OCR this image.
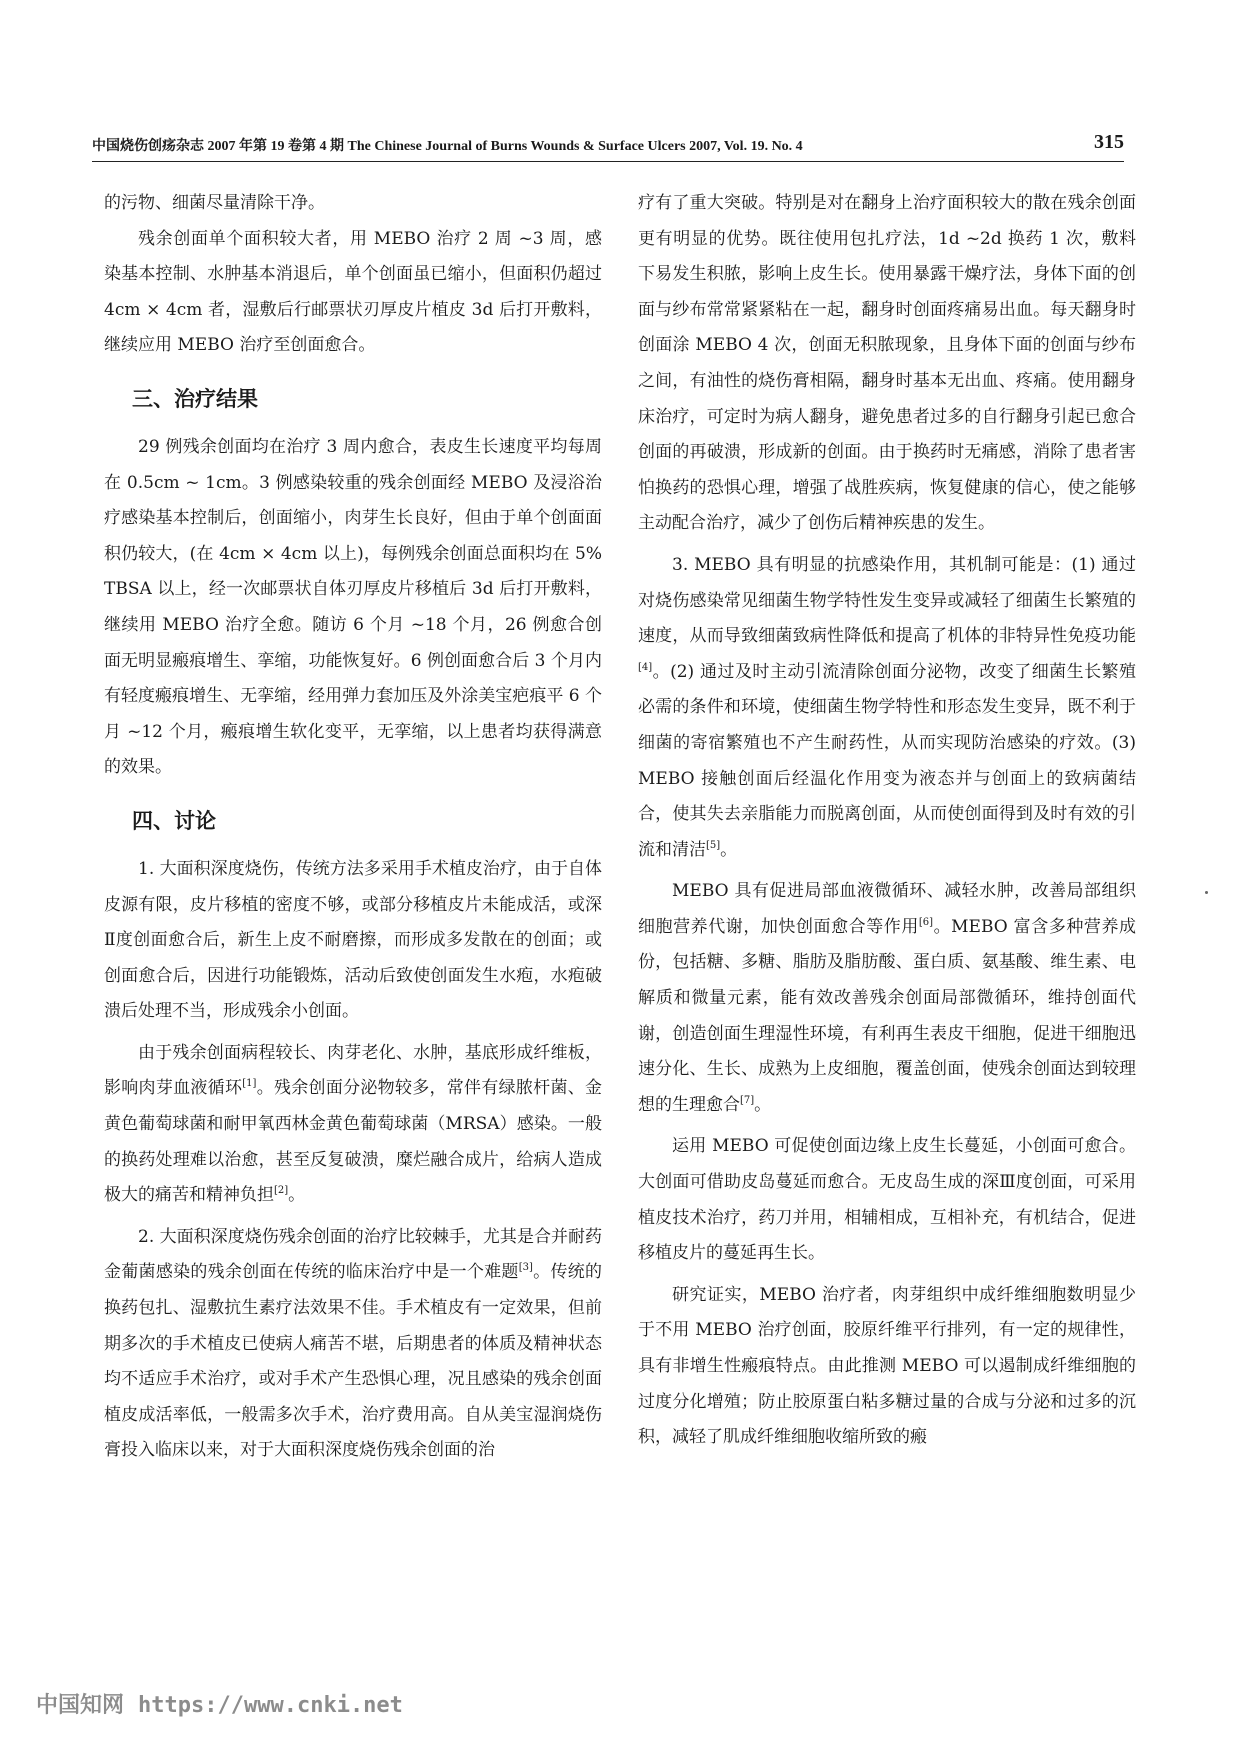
中国烧伤创疡杂志 2007 年第 19 卷第 4 期 The Chinese Journal of Burns Wounds & Surface Ulcers 2007, Vol. 19. No. 4	315

的污物、细菌尽量清除干净。

残余创面单个面积较大者，用 MEBO 治疗 2 周 ~3 周，感染基本控制、水肿基本消退后，单个创面虽已缩小，但面积仍超过 4cm × 4cm 者，湿敷后行邮票状刃厚皮片植皮 3d 后打开敷料，继续应用 MEBO 治疗至创面愈合。

三、治疗结果

29 例残余创面均在治疗 3 周内愈合，表皮生长速度平均每周在 0.5cm ~ 1cm。3 例感染较重的残余创面经 MEBO 及浸浴治疗感染基本控制后，创面缩小，肉芽生长良好，但由于单个创面面积仍较大，(在 4cm × 4cm 以上)，每例残余创面总面积均在 5% TBSA 以上，经一次邮票状自体刃厚皮片移植后 3d 后打开敷料，继续用 MEBO 治疗全愈。随访 6 个月 ~18 个月，26 例愈合创面无明显瘢痕增生、挛缩，功能恢复好。6 例创面愈合后 3 个月内有轻度瘢痕增生、无挛缩，经用弹力套加压及外涂美宝疤痕平 6 个月 ~12 个月，瘢痕增生软化变平，无挛缩，以上患者均获得满意的效果。

四、讨论

1. 大面积深度烧伤，传统方法多采用手术植皮治疗，由于自体皮源有限，皮片移植的密度不够，或部分移植皮片未能成活，或深Ⅱ度创面愈合后，新生上皮不耐磨擦，而形成多发散在的创面；或创面愈合后，因进行功能锻炼，活动后致使创面发生水疱，水疱破溃后处理不当，形成残余小创面。

由于残余创面病程较长、肉芽老化、水肿，基底形成纤维板，影响肉芽血液循环[1]。残余创面分泌物较多，常伴有绿脓杆菌、金黄色葡萄球菌和耐甲氧西林金黄色葡萄球菌（MRSA）感染。一般的换药处理难以治愈，甚至反复破溃，糜烂融合成片，给病人造成极大的痛苦和精神负担[2]。

2. 大面积深度烧伤残余创面的治疗比较棘手，尤其是合并耐药金葡菌感染的残余创面在传统的临床治疗中是一个难题[3]。传统的换药包扎、湿敷抗生素疗法效果不佳。手术植皮有一定效果，但前期多次的手术植皮已使病人痛苦不堪，后期患者的体质及精神状态均不适应手术治疗，或对手术产生恐惧心理，况且感染的残余创面植皮成活率低，一般需多次手术，治疗费用高。自从美宝湿润烧伤膏投入临床以来，对于大面积深度烧伤残余创面的治

疗有了重大突破。特别是对在翻身上治疗面积较大的散在残余创面更有明显的优势。既往使用包扎疗法，1d ~2d 换药 1 次，敷料下易发生积脓，影响上皮生长。使用暴露干燥疗法，身体下面的创面与纱布常常紧紧粘在一起，翻身时创面疼痛易出血。每天翻身时创面涂 MEBO 4 次，创面无积脓现象，且身体下面的创面与纱布之间，有油性的烧伤膏相隔，翻身时基本无出血、疼痛。使用翻身床治疗，可定时为病人翻身，避免患者过多的自行翻身引起已愈合创面的再破溃，形成新的创面。由于换药时无痛感，消除了患者害怕换药的恐惧心理，增强了战胜疾病，恢复健康的信心，使之能够主动配合治疗，减少了创伤后精神疾患的发生。

3. MEBO 具有明显的抗感染作用，其机制可能是：(1) 通过对烧伤感染常见细菌生物学特性发生变异或减轻了细菌生长繁殖的速度，从而导致细菌致病性降低和提高了机体的非特异性免疫功能[4]。(2) 通过及时主动引流清除创面分泌物，改变了细菌生长繁殖必需的条件和环境，使细菌生物学特性和形态发生变异，既不利于细菌的寄宿繁殖也不产生耐药性，从而实现防治感染的疗效。(3) MEBO 接触创面后经温化作用变为液态并与创面上的致病菌结合，使其失去亲脂能力而脱离创面，从而使创面得到及时有效的引流和清洁[5]。

MEBO 具有促进局部血液微循环、减轻水肿，改善局部组织细胞营养代谢，加快创面愈合等作用[6]。MEBO 富含多种营养成份，包括糖、多糖、脂肪及脂肪酸、蛋白质、氨基酸、维生素、电解质和微量元素，能有效改善残余创面局部微循环，维持创面代谢，创造创面生理湿性环境，有利再生表皮干细胞，促进干细胞迅速分化、生长、成熟为上皮细胞，覆盖创面，使残余创面达到较理想的生理愈合[7]。

运用 MEBO 可促使创面边缘上皮生长蔓延，小创面可愈合。大创面可借助皮岛蔓延而愈合。无皮岛生成的深Ⅲ度创面，可采用植皮技术治疗，药刀并用，相辅相成，互相补充，有机结合，促进移植皮片的蔓延再生长。

研究证实，MEBO 治疗者，肉芽组织中成纤维细胞数明显少于不用 MEBO 治疗创面，胶原纤维平行排列，有一定的规律性，具有非增生性瘢痕特点。由此推测 MEBO 可以遏制成纤维细胞的过度分化增殖；防止胶原蛋白粘多糖过量的合成与分泌和过多的沉积，减轻了肌成纤维细胞收缩所致的瘢

中国知网 https://www.cnki.net
